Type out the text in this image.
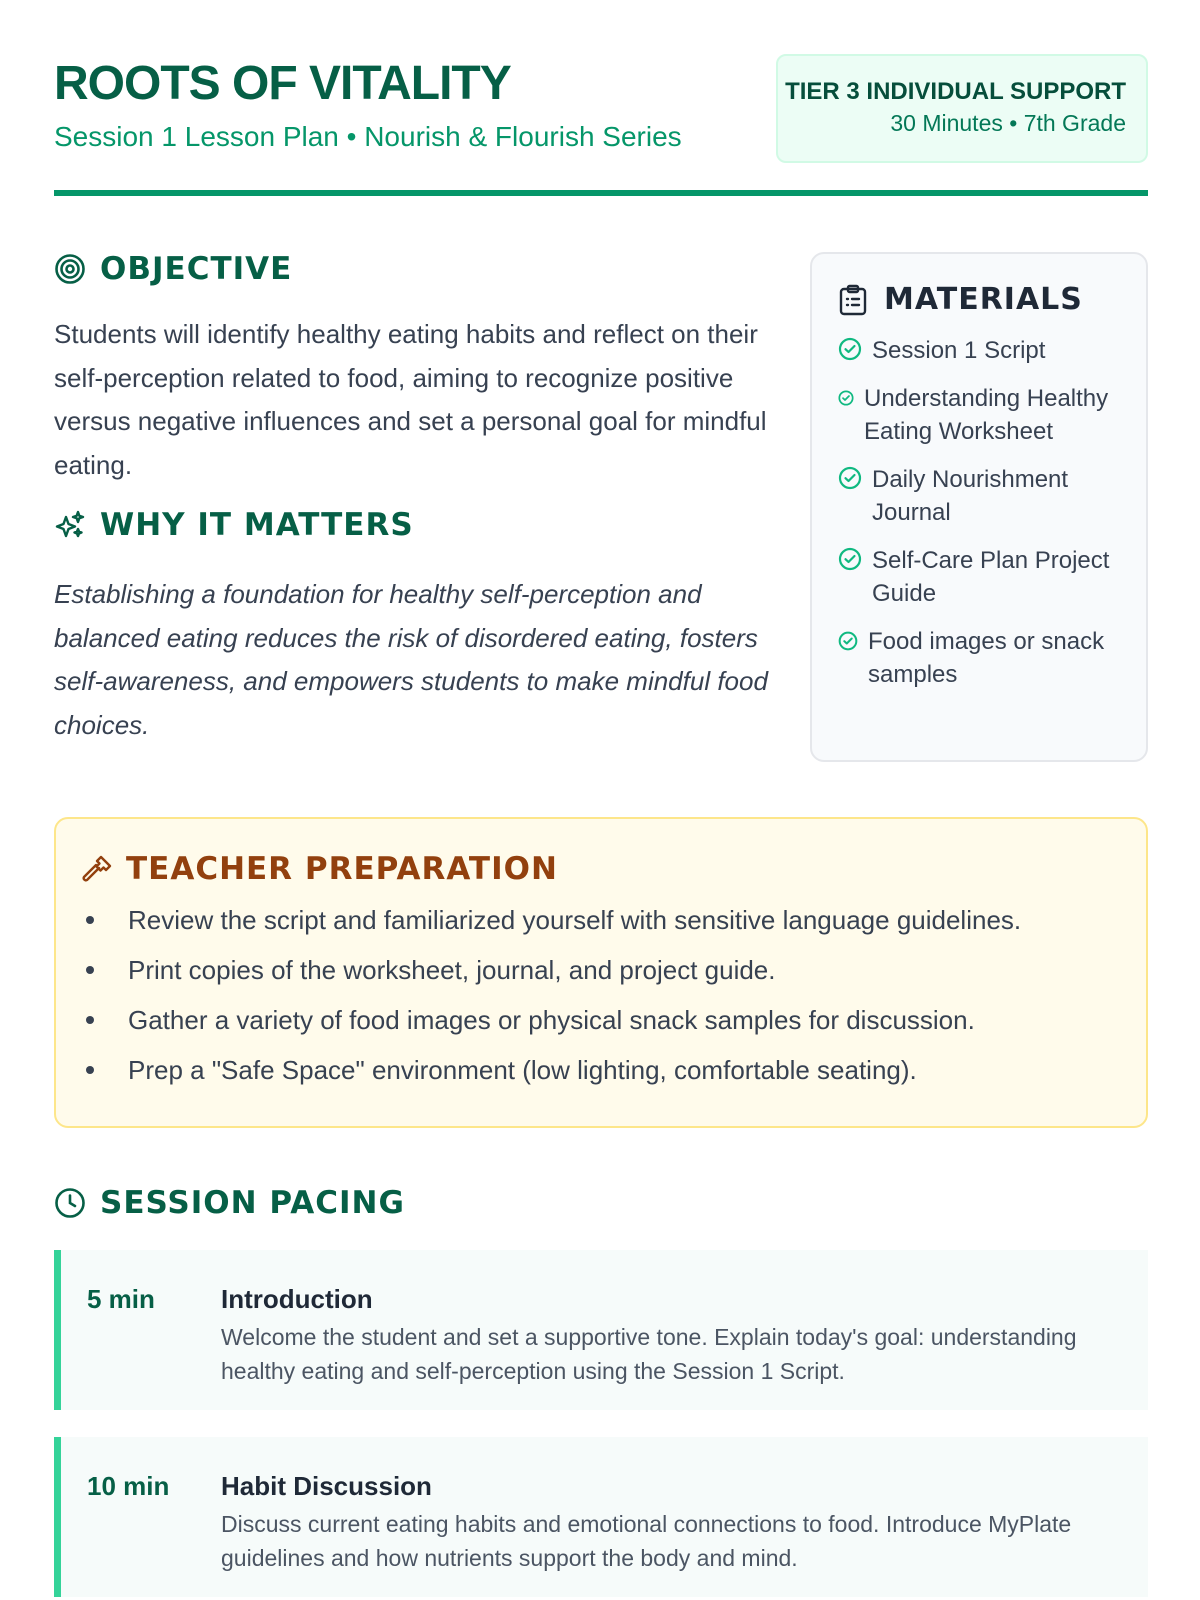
ROOTS OF VITALITY
Session 1 Lesson Plan • Nourish & Flourish Series
TIER 3 INDIVIDUAL SUPPORT
30 Minutes • 7th Grade
OBJECTIVE
Students will identify healthy eating habits and reflect on their self-perception related to food, aiming to recognize positive versus negative influences and set a personal goal for mindful eating.
WHY IT MATTERS
Establishing a foundation for healthy self-perception and balanced eating reduces the risk of disordered eating, fosters self-awareness, and empowers students to make mindful food choices.
MATERIALS
Session 1 Script
Understanding Healthy Eating Worksheet
Daily Nourishment Journal
Self-Care Plan Project Guide
Food images or snack samples
TEACHER PREPARATION
Review the script and familiarized yourself with sensitive language guidelines.
Print copies of the worksheet, journal, and project guide.
Gather a variety of food images or physical snack samples for discussion.
Prep a "Safe Space" environment (low lighting, comfortable seating).
SESSION PACING
5 min	Introduction
Welcome the student and set a supportive tone. Explain today's goal: understanding healthy eating and self-perception using the Session 1 Script.
10 min Habit Discussion
Discuss current eating habits and emotional connections to food. Introduce MyPlate guidelines and how nutrients support the body and mind.
